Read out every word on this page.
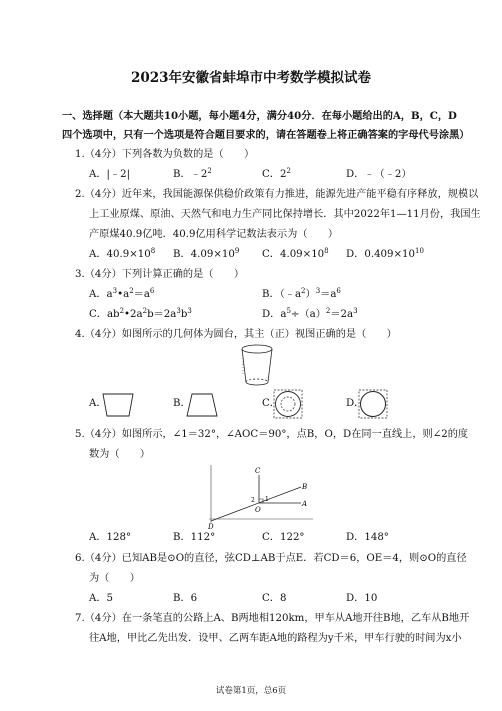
2023年安徽省蚌埠市中考数学模拟试卷
一、选择题（本大题共10小题，每小题4分，满分40分．在每小题给出的A，B，C，D
四个选项中，只有一个选项是符合题目要求的，请在答题卷上将正确答案的字母代号涂黑）
1.（4分）下列各数为负数的是（　　）
A．|﹣2|	B．$﹣2^2$	C．$2^2$	D．﹣（﹣2）
2.（4分）近年来，我国能源保供稳价政策有力推进，能源先进产能平稳有序释放，规模以
上工业原煤、原油、天然气和电力生产同比保持增长．其中2022年1—11月份，我国生
产原煤40.9亿吨．40.9亿用科学记数法表示为（　　）
A．$40.9\times 10^8$ B．$4.09\times 10^9$ C．$4.09\times 10^8$ D．$0.409\times 10^{10}$
3.（4分）下列计算正确的是（　　）
A．$a^3•a^2=a^6$	B．$(﹣a^2)^3=a^6$
C．$ab^2•2a^2b=2a^3b^3$	D．$a^5\div(a)^2=2a^3$
4.（4分）如图所示的几何体为圆台，其主（正）视图正确的是（　　）
A．	B．	C．	D．
5.（4分）如图所示，∠1＝32°，∠AOC＝90°，点B，O，D在同一直线上，则∠2的度
数为（　　）
C
B
A
O
D
1
2
A．128°	B．112°	C．122°	D．148°
6.（4分）已知AB是⊙O的直径，弦CD⊥AB于点E．若CD＝6，OE＝4，则⊙O的直径
为（　　）
A．5	B．6	C．8	D．10
7.（4分）在一条笔直的公路上A、B两地相120km，甲车从A地开往B地，乙车从B地开
往A地，甲比乙先出发．设甲、乙两车距A地的路程为y千米，甲车行驶的时间为x小
试卷第1页，总6页
